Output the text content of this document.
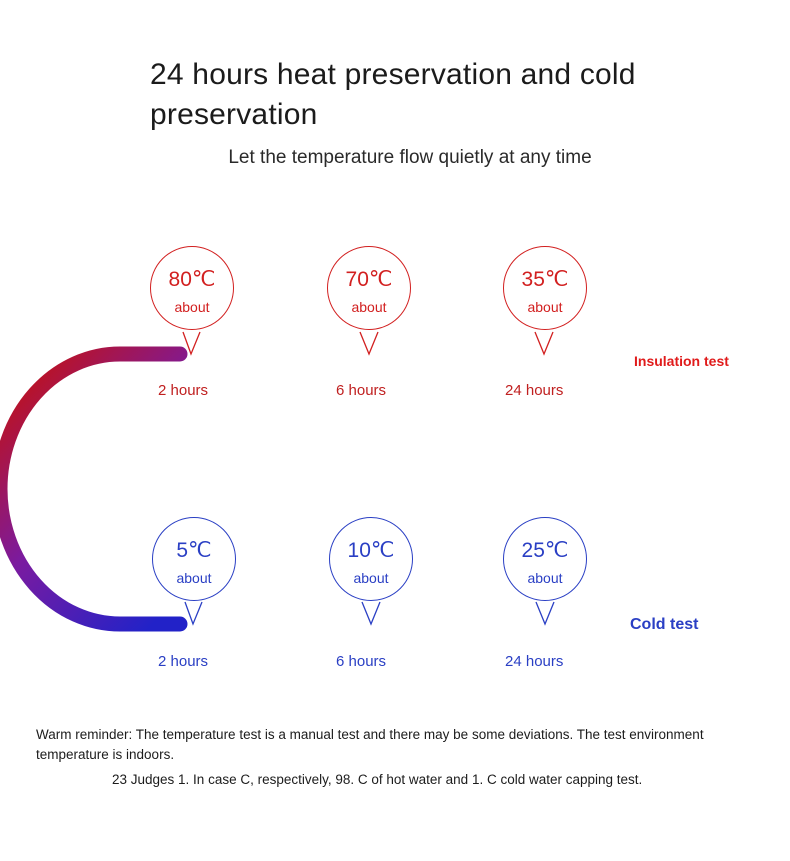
24 hours heat preservation and cold preservation
Let the temperature flow quietly at any time
80℃
about
70℃
about
35℃
about
2 hours	6 hours	24 hours
Insulation test
5℃
about
10℃
about
25℃
about
2 hours	6 hours	24 hours
Cold test
Warm reminder: The temperature test is a manual test and there may be some deviations. The test environment temperature is indoors.
23 Judges 1. In case C, respectively, 98. C of hot water and 1. C cold water capping test.
